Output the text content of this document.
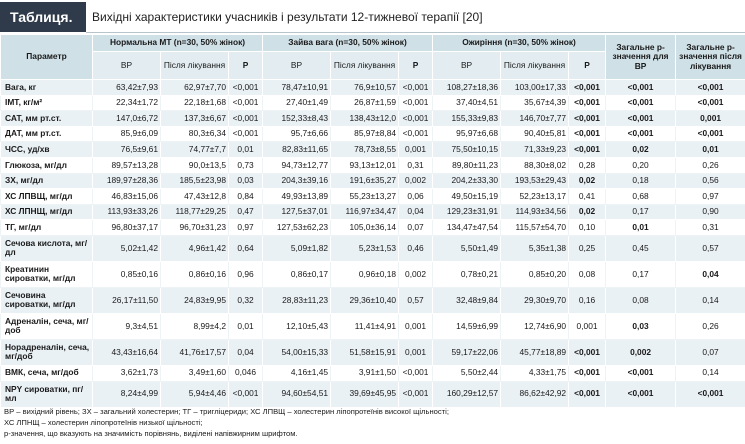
Таблиця.	Вихідні характеристики учасників і результати 12-тижневої терапії [20]
Параметр	Нормальна МТ (n=30, 50% жінок)			Зайва вага (n=30, 50% жінок)			Ожиріння (n=30, 50% жінок)			Загальне р-значення для ВР	Загальне р-значення після лікування
	ВР	Після лікування	P	ВР	Після лікування	P	ВР	Після лікування	P		
Вага, кг	63,42±7,93	62,97±7,70	<0,001	78,47±10,91	76,9±10,57	<0,001	108,27±18,36	103,00±17,33	<0,001	<0,001	<0,001
ІМТ, кг/м²	22,34±1,72	22,18±1,68	<0,001	27,40±1,49	26,87±1,59	<0,001	37,40±4,51	35,67±4,39	<0,001	<0,001	<0,001
САТ, мм рт.ст.	147,0±6,72	137,3±6,67	<0,001	152,33±8,43	138,43±12,0	<0,001	155,33±9,83	146,70±7,77	<0,001	<0,001	0,001
ДАТ, мм рт.ст.	85,9±6,09	80,3±6,34	<0,001	95,7±6,66	85,97±8,84	<0,001	95,97±6,68	90,40±5,81	<0,001	<0,001	<0,001
ЧСС, уд/хв	76,5±9,61	74,77±7,7	0,01	82,83±11,65	78,73±8,55	0,001	75,50±10,15	71,33±9,23	<0,001	0,02	0,01
Глюкоза, мг/дл	89,57±13,28	90,0±13,5	0,73	94,73±12,77	93,13±12,01	0,31	89,80±11,23	88,30±8,02	0,28	0,20	0,26
ЗХ, мг/дл	189,97±28,36	185,5±23,98	0,03	204,3±39,16	191,6±35,27	0,002	204,2±33,30	193,53±29,43	0,02	0,18	0,56
ХС ЛПВЩ, мг/дл	46,83±15,06	47,43±12,8	0,84	49,93±13,89	55,23±13,27	0,06	49,50±15,19	52,23±13,17	0,41	0,68	0,97
ХС ЛПНЩ, мг/дл	113,93±33,26	118,77±29,25	0,47	127,5±37,01	116,97±34,47	0,04	129,23±31,91	114,93±34,56	0,02	0,17	0,90
ТГ, мг/дл	96,80±37,17	96,70±31,23	0,97	127,53±62,23	105,0±36,14	0,07	134,47±47,54	115,57±54,70	0,10	0,01	0,31
Сечова кислота, мг/дл	5,02±1,42	4,96±1,42	0,64	5,09±1,82	5,23±1,53	0,46	5,50±1,49	5,35±1,38	0,25	0,45	0,57
Креатинин сироватки, мг/дл	0,85±0,16	0,86±0,16	0,96	0,86±0,17	0,96±0,18	0,002	0,78±0,21	0,85±0,20	0,08	0,17	0,04
Сечовина сироватки, мг/дл	26,17±11,50	24,83±9,95	0,32	28,83±11,23	29,36±10,40	0,57	32,48±9,84	29,30±9,70	0,16	0,08	0,14
Адреналін, сеча, мг/доб	9,3±4,51	8,99±4,2	0,01	12,10±5,43	11,41±4,91	0,001	14,59±6,99	12,74±6,90	0,001	0,03	0,26
Норадреналін, сеча, мг/доб	43,43±16,64	41,76±17,57	0,04	54,00±15,33	51,58±15,91	0,001	59,17±22,06	45,77±18,89	<0,001	0,002	0,07
ВМК, сеча, мг/доб	3,62±1,73	3,49±1,60	0,046	4,16±1,45	3,91±1,50	<0,001	5,50±2,44	4,33±1,75	<0,001	<0,001	0,14
NPY сироватки, пг/мл	8,24±4,99	5,94±4,46	<0,001	94,60±54,51	39,69±45,95	<0,001	160,29±12,57	86,62±42,92	<0,001	<0,001	<0,001
ВР – вихідний рівень; ЗХ – загальний холестерин; ТГ – тригліцериди; ХС ЛПВЩ – холестерин ліпопротеїнів високої щільності;
ХС ЛПНЩ – холестерин ліпопротеїнів низької щільності;
р-значення, що вказують на значимість порівнянь, виділені напівжирним шрифтом.
